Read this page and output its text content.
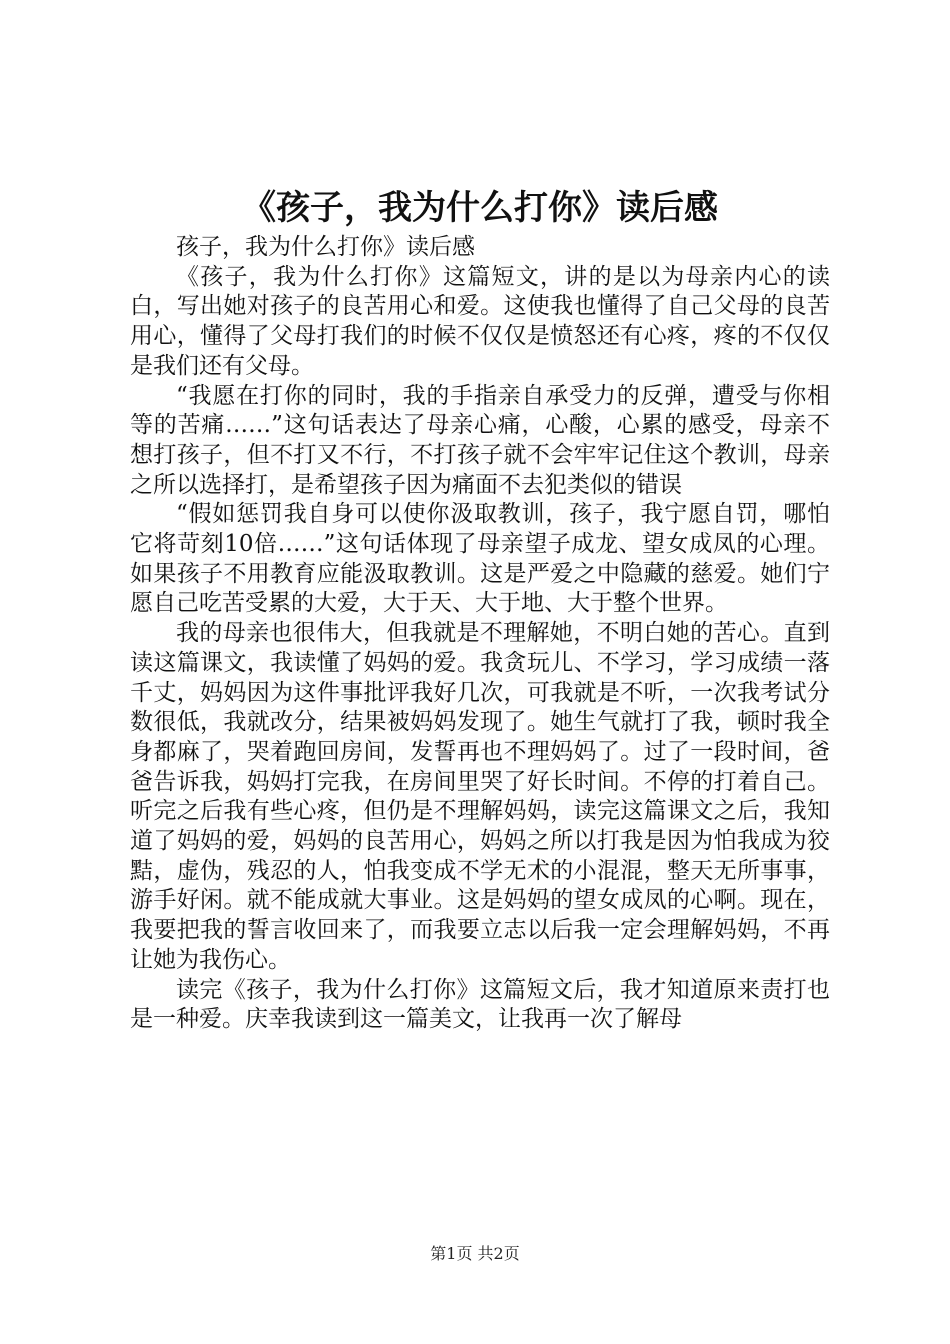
《孩子，我为什么打你》读后感

孩子，我为什么打你》读后感

《孩子，我为什么打你》这篇短文，讲的是以为母亲内心的读白，写出她对孩子的良苦用心和爱。这使我也懂得了自己父母的良苦用心，懂得了父母打我们的时候不仅仅是愤怒还有心疼，疼的不仅仅是我们还有父母。

“我愿在打你的同时，我的手指亲自承受力的反弹，遭受与你相等的苦痛……”这句话表达了母亲心痛，心酸，心累的感受，母亲不想打孩子，但不打又不行，不打孩子就不会牢牢记住这个教训，母亲之所以选择打，是希望孩子因为痛面不去犯类似的错误

“假如惩罚我自身可以使你汲取教训，孩子，我宁愿自罚，哪怕它将苛刻10倍……”这句话体现了母亲望子成龙、望女成凤的心理。如果孩子不用教育应能汲取教训。这是严爱之中隐藏的慈爱。她们宁愿自己吃苦受累的大爱，大于天、大于地、大于整个世界。

我的母亲也很伟大，但我就是不理解她，不明白她的苦心。直到读这篇课文，我读懂了妈妈的爱。我贪玩儿、不学习，学习成绩一落千丈，妈妈因为这件事批评我好几次，可我就是不听，一次我考试分数很低，我就改分，结果被妈妈发现了。她生气就打了我，顿时我全身都麻了，哭着跑回房间，发誓再也不理妈妈了。过了一段时间，爸爸告诉我，妈妈打完我，在房间里哭了好长时间。不停的打着自己。听完之后我有些心疼，但仍是不理解妈妈，读完这篇课文之后，我知道了妈妈的爱，妈妈的良苦用心，妈妈之所以打我是因为怕我成为狡黠，虚伪，残忍的人，怕我变成不学无术的小混混，整天无所事事，游手好闲。就不能成就大事业。这是妈妈的望女成凤的心啊。现在，我要把我的誓言收回来了，而我要立志以后我一定会理解妈妈，不再让她为我伤心。

读完《孩子，我为什么打你》这篇短文后，我才知道原来责打也是一种爱。庆幸我读到这一篇美文，让我再一次了解母

第1页 共2页
